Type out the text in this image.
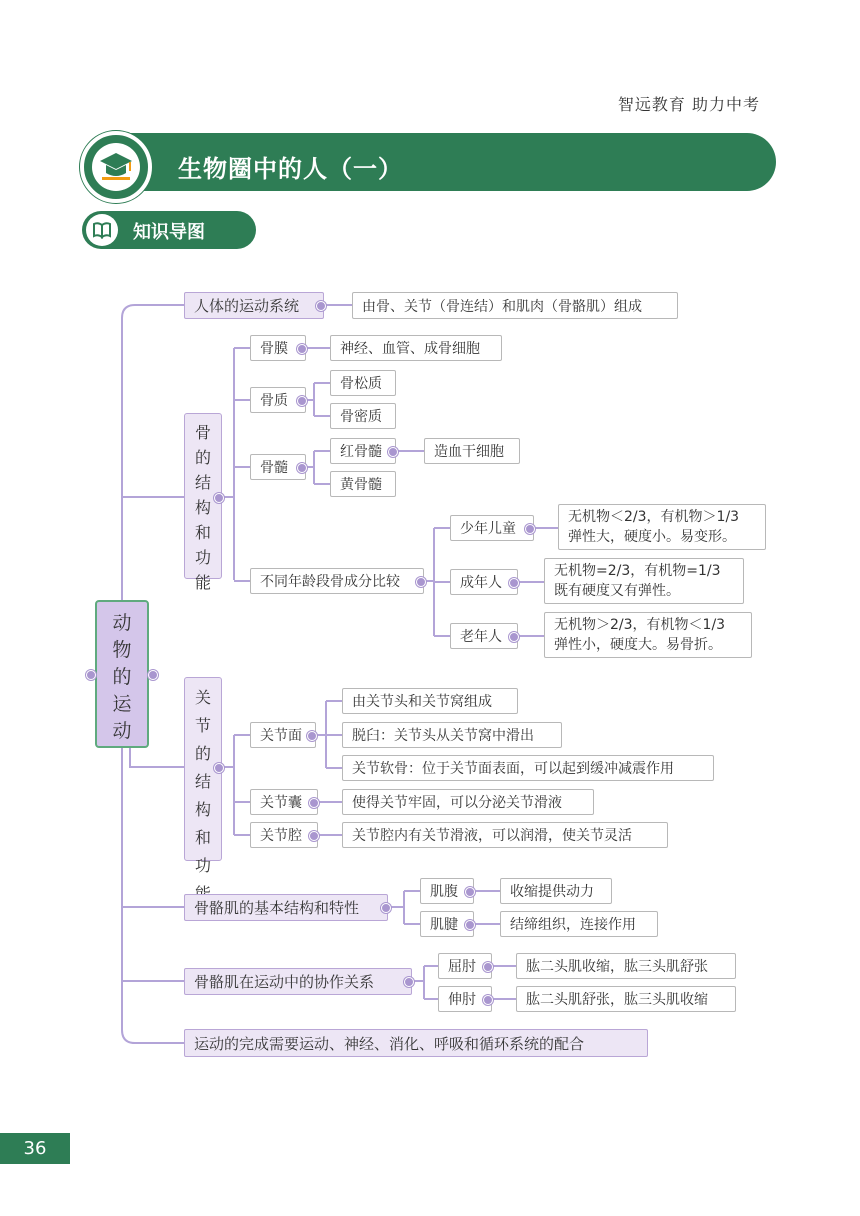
智远教育 助力中考
生物圈中的人（一）
知识导图
动物的运动
人体的运动系统	由骨、关节（骨连结）和肌肉（骨骼肌）组成
骨的结构和功能
骨膜	神经、血管、成骨细胞
骨质
骨松质
骨密质
骨髓
红骨髓	造血干细胞
黄骨髓
不同年龄段骨成分比较
少年儿童
无机物＜2/3，有机物＞1/3
弹性大，硬度小。易变形。
成年人
无机物=2/3，有机物=1/3
既有硬度又有弹性。
老年人
无机物＞2/3，有机物＜1/3
弹性小，硬度大。易骨折。
关节的结构和功
关节面
由关节头和关节窝组成
脱臼：关节头从关节窝中滑出
关节软骨：位于关节面表面，可以起到缓冲减震作用
关节囊	使得关节牢固，可以分泌关节滑液
关节腔	关节腔内有关节滑液，可以润滑，使关节灵活
骨骼肌的基本结构和特性
肌腹	收缩提供动力
肌腱	结缔组织，连接作用
骨骼肌在运动中的协作关系
屈肘	肱二头肌收缩，肱三头肌舒张
伸肘	肱二头肌舒张，肱三头肌收缩
运动的完成需要运动、神经、消化、呼吸和循环系统的配合
36
